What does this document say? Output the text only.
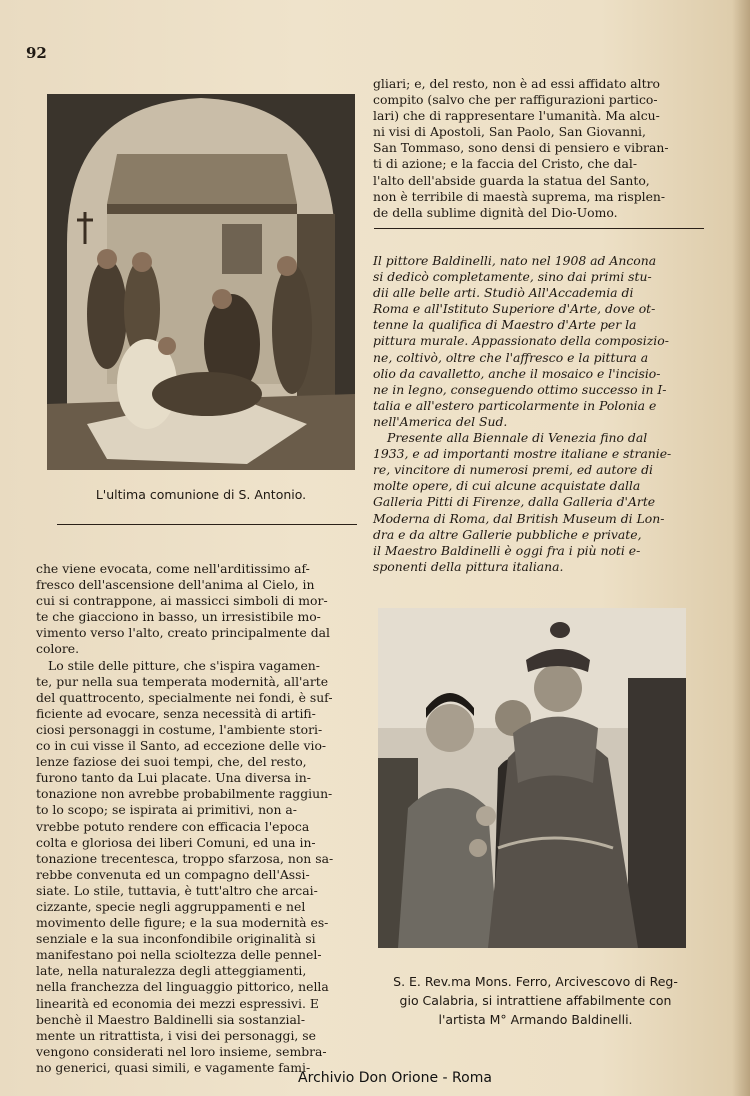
92
L'ultima comunione di S. Antonio.
gliari; e, del resto, non è ad essi affidato altro
compito (salvo che per raffigurazioni partico-
lari) che di rappresentare l'umanità. Ma alcu-
ni visi di Apostoli, San Paolo, San Giovanni,
San Tommaso, sono densi di pensiero e vibran-
ti di azione; e la faccia del Cristo, che dal-
l'alto dell'abside guarda la statua del Santo,
non è terribile di maestà suprema, ma risplen-
de della sublime dignità del Dio-Uomo.
Il pittore Baldinelli, nato nel 1908 ad Ancona
si dedicò completamente, sino dai primi stu-
dii alle belle arti. Studiò All'Accademia di
Roma e all'Istituto Superiore d'Arte, dove ot-
tenne la qualifica di Maestro d'Arte per la
pittura murale. Appassionato della composizio-
ne, coltivò, oltre che l'affresco e la pittura a
olio da cavalletto, anche il mosaico e l'incisio-
ne in legno, conseguendo ottimo successo in I-
talia e all'estero particolarmente in Polonia e
nell'America del Sud.
Presente alla Biennale di Venezia fino dal
1933, e ad importanti mostre italiane e stranie-
re, vincitore di numerosi premi, ed autore di
molte opere, di cui alcune acquistate dalla
Galleria Pitti di Firenze, dalla Galleria d'Arte
Moderna di Roma, dal British Museum di Lon-
dra e da altre Gallerie pubbliche e private,
il Maestro Baldinelli è oggi fra i più noti e-
sponenti della pittura italiana.
che viene evocata, come nell'arditissimo af-
fresco dell'ascensione dell'anima al Cielo, in
cui si contrappone, ai massicci simboli di mor-
te che giacciono in basso, un irresistibile mo-
vimento verso l'alto, creato principalmente dal
colore.
Lo stile delle pitture, che s'ispira vagamen-
te, pur nella sua temperata modernità, all'arte
del quattrocento, specialmente nei fondi, è suf-
ficiente ad evocare, senza necessità di artifi-
ciosi personaggi in costume, l'ambiente stori-
co in cui visse il Santo, ad eccezione delle vio-
lenze faziose dei suoi tempi, che, del resto,
furono tanto da Lui placate. Una diversa in-
tonazione non avrebbe probabilmente raggiun-
to lo scopo; se ispirata ai primitivi, non a-
vrebbe potuto rendere con efficacia l'epoca
colta e gloriosa dei liberi Comuni, ed una in-
tonazione trecentesca, troppo sfarzosa, non sa-
rebbe convenuta ed un compagno dell'Assi-
siate. Lo stile, tuttavia, è tutt'altro che arcai-
cizzante, specie negli aggruppamenti e nel
movimento delle figure; e la sua modernità es-
senziale e la sua inconfondibile originalità si
manifestano poi nella scioltezza delle pennel-
late, nella naturalezza degli atteggiamenti,
nella franchezza del linguaggio pittorico, nella
linearità ed economia dei mezzi espressivi. E
benchè il Maestro Baldinelli sia sostanzial-
mente un ritrattista, i visi dei personaggi, se
vengono considerati nel loro insieme, sembra-
no generici, quasi simili, e vagamente fami-
S. E. Rev.ma Mons. Ferro, Arcivescovo di Reg-
gio Calabria, si intrattiene affabilmente con
l'artista M° Armando Baldinelli.
Archivio Don Orione - Roma
